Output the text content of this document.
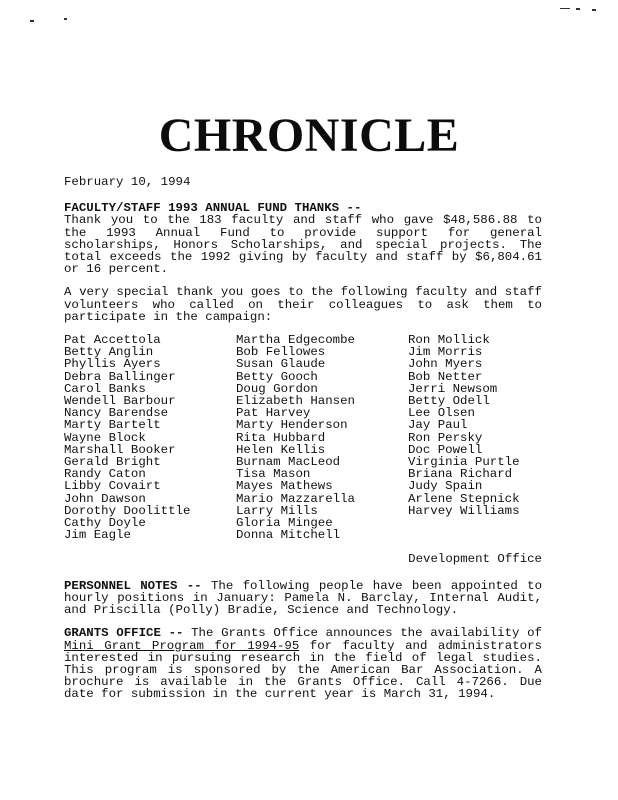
CHRONICLE
February 10, 1994
FACULTY/STAFF 1993 ANNUAL FUND THANKS --

Thank you to the 183 faculty and staff who gave $48,586.88 to the 1993 Annual Fund to provide support for general scholarships, Honors Scholarships, and special projects. The total exceeds the 1992 giving by faculty and staff by $6,804.61 or 16 percent.

A very special thank you goes to the following faculty and staff volunteers who called on their colleagues to ask them to participate in the campaign:

Pat Accettola
Betty Anglin
Phyllis Ayers
Debra Ballinger
Carol Banks
Wendell Barbour
Nancy Barendse
Marty Bartelt
Wayne Block
Marshall Booker
Gerald Bright
Randy Caton
Libby Covairt
John Dawson
Dorothy Doolittle
Cathy Doyle
Jim Eagle
Martha Edgecombe
Bob Fellowes
Susan Glaude
Betty Gooch
Doug Gordon
Elizabeth Hansen
Pat Harvey
Marty Henderson
Rita Hubbard
Helen Kellis
Burnam MacLeod
Tisa Mason
Mayes Mathews
Mario Mazzarella
Larry Mills
Gloria Mingee
Donna Mitchell
Ron Mollick
Jim Morris
John Myers
Bob Netter
Jerri Newsom
Betty Odell
Lee Olsen
Jay Paul
Ron Persky
Doc Powell
Virginia Purtle
Briana Richard
Judy Spain
Arlene Stepnick
Harvey Williams
Development Office

PERSONNEL NOTES -- The following people have been appointed to hourly positions in January: Pamela N. Barclay, Internal Audit, and Priscilla (Polly) Bradie, Science and Technology.

GRANTS OFFICE -- The Grants Office announces the availability of Mini Grant Program for 1994-95 for faculty and administrators interested in pursuing research in the field of legal studies. This program is sponsored by the American Bar Association. A brochure is available in the Grants Office. Call 4-7266. Due date for submission in the current year is March 31, 1994.
